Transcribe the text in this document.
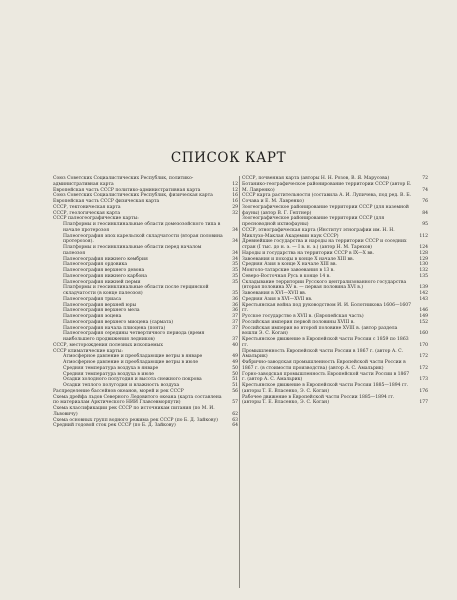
СПИСОК КАРТ
Союз Советских Социалистических Республик, политико-административная карта	12
Европейская часть СССР политико-административная карта	12
Союз Советских Социалистических Республик, физическая карта	16
Европейская часть СССР физическая карта	16
СССР, тектоническая карта	29
СССР, геологическая карта	32
СССР палеогеографические карты:
Платформы и геосинклинальные области домезозойского типа в начале протерозоя	34
Палеогеография эпох карельской складчатости (вторая половина протерозоя).	34
Платформы и геосинклинальные области перед началом палеозоя	34
Палеогеография нижнего кембрия	34
Палеогеография ордовика	35
Палеогеография верхнего девона	35
Палеогеография нижнего карбона	35
Палеогеография нижней перми	35
Платформы и геосинклинальные области после герцинской складчатости (в конце палеозоя)	35
Палеогеография триаса	36
Палеогеография верхней юры	36
Палеогеография верхнего мела	36
Палеогеография эоцена	37
Палеогеография верхнего миоцена (сармата)	37
Палеогеография начала плиоцена (понта)	37
Палеогеография середины четвертичного периода (время наибольшего продвижения ледников)	37
СССР, месторождения полезных ископаемых	40
СССР климатические карты:
Атмосферное давление и преобладающие ветры в январе	49
Атмосферное давление и преобладающие ветры в июле	49
Средняя температура воздуха в январе	50
Средняя температура воздуха в июле	50
Осадки холодного полугодия и высота снежного покрова	51
Осадки теплого полугодия и влажность воздуха	51
Распределение бассейнов океанов, морей и рек СССР	56
Схема дрейфа льдов Северного Ледовитого океана (карта составлена по материалам Арктического НИИ Главсевморпути)	57
Схема классификации рек СССР по источникам питания (по М. И. Львовичу)	62
Схема основных групп водного режима рек СССР (по Б. Д. Зайкову)	63
Средний годовой сток рек СССР (по Б. Д. Зайкову)	64
СССР, почвенная карта (авторы Н. Н. Розов, В. Я. Марусова)	72
Ботанико-географическое районирование территории СССР (автор Е. М. Лавренко)	74
СССР карта растительности (составила А. И. Лупичева, под ред. В. Б. Сочава и Е. М. Лавренко)	76
Зоогеографическое районирование территории СССР (для наземной фауны) (автор В. Г. Гептнер)	84
Зоогеографическое районирование территории СССР (для пресноводной ихтиофауны)	95
СССР, этнографическая карта (Институт этнографии им. Н. Н. Миклухо-Маклая Академии наук СССР)	112
Древнейшие государства и народы на территории СССР и соседних стран (I тыс. до н. э. — I в. н. э.) (автор Н. М. Тарехов)	124
Народы и государства на территории СССР в IX—X вв.	128
Завоевания и походы в конце X начале XIII вв.	129
Средняя Азия в конце X начале XIII вв.	130
Монголо-татарские завоевания в 13 в.	132
Северо-Восточная Русь в конце 14 в.	135
Складывание территории Русского централизованного государства (вторая половина XV в. — первая половина XVI в.)	139
Завоевания в XVI—XVII вв.	142
Средняя Азия в XVI—XVII вв.	143
Крестьянская война под руководством И. И. Болотникова 1606—1607 гг.	146
Русское государство в XVII в. (Европейская часть)	149
Российская империя первой половины XVIII в.	152
Российская империя во второй половине XVIII в. (автор раздела вошли Э. С. Коган)	160
Крестьянское движение в Европейской части России с 1859 по 1863 гг.	170
Промышленность Европейской части России в 1867 г. (автор А. С. Амальрик)	172
Фабрично-заводская промышленность Европейской части России в 1867 г. (в стоимости производства) (автор А. С. Амальрик)	172
Горно-заводская промышленность Европейской части России в 1867 г. (автор А. С. Амальрик)	173
Крестьянское движение в Европейской части России 1885—1894 гг. (авторы Т. Е. Власенко, Э. С. Коган)	176
Рабочее движение в Европейской части России 1885—1894 гг. (авторы Т. Е. Власенко, Э. С. Коган)	177
